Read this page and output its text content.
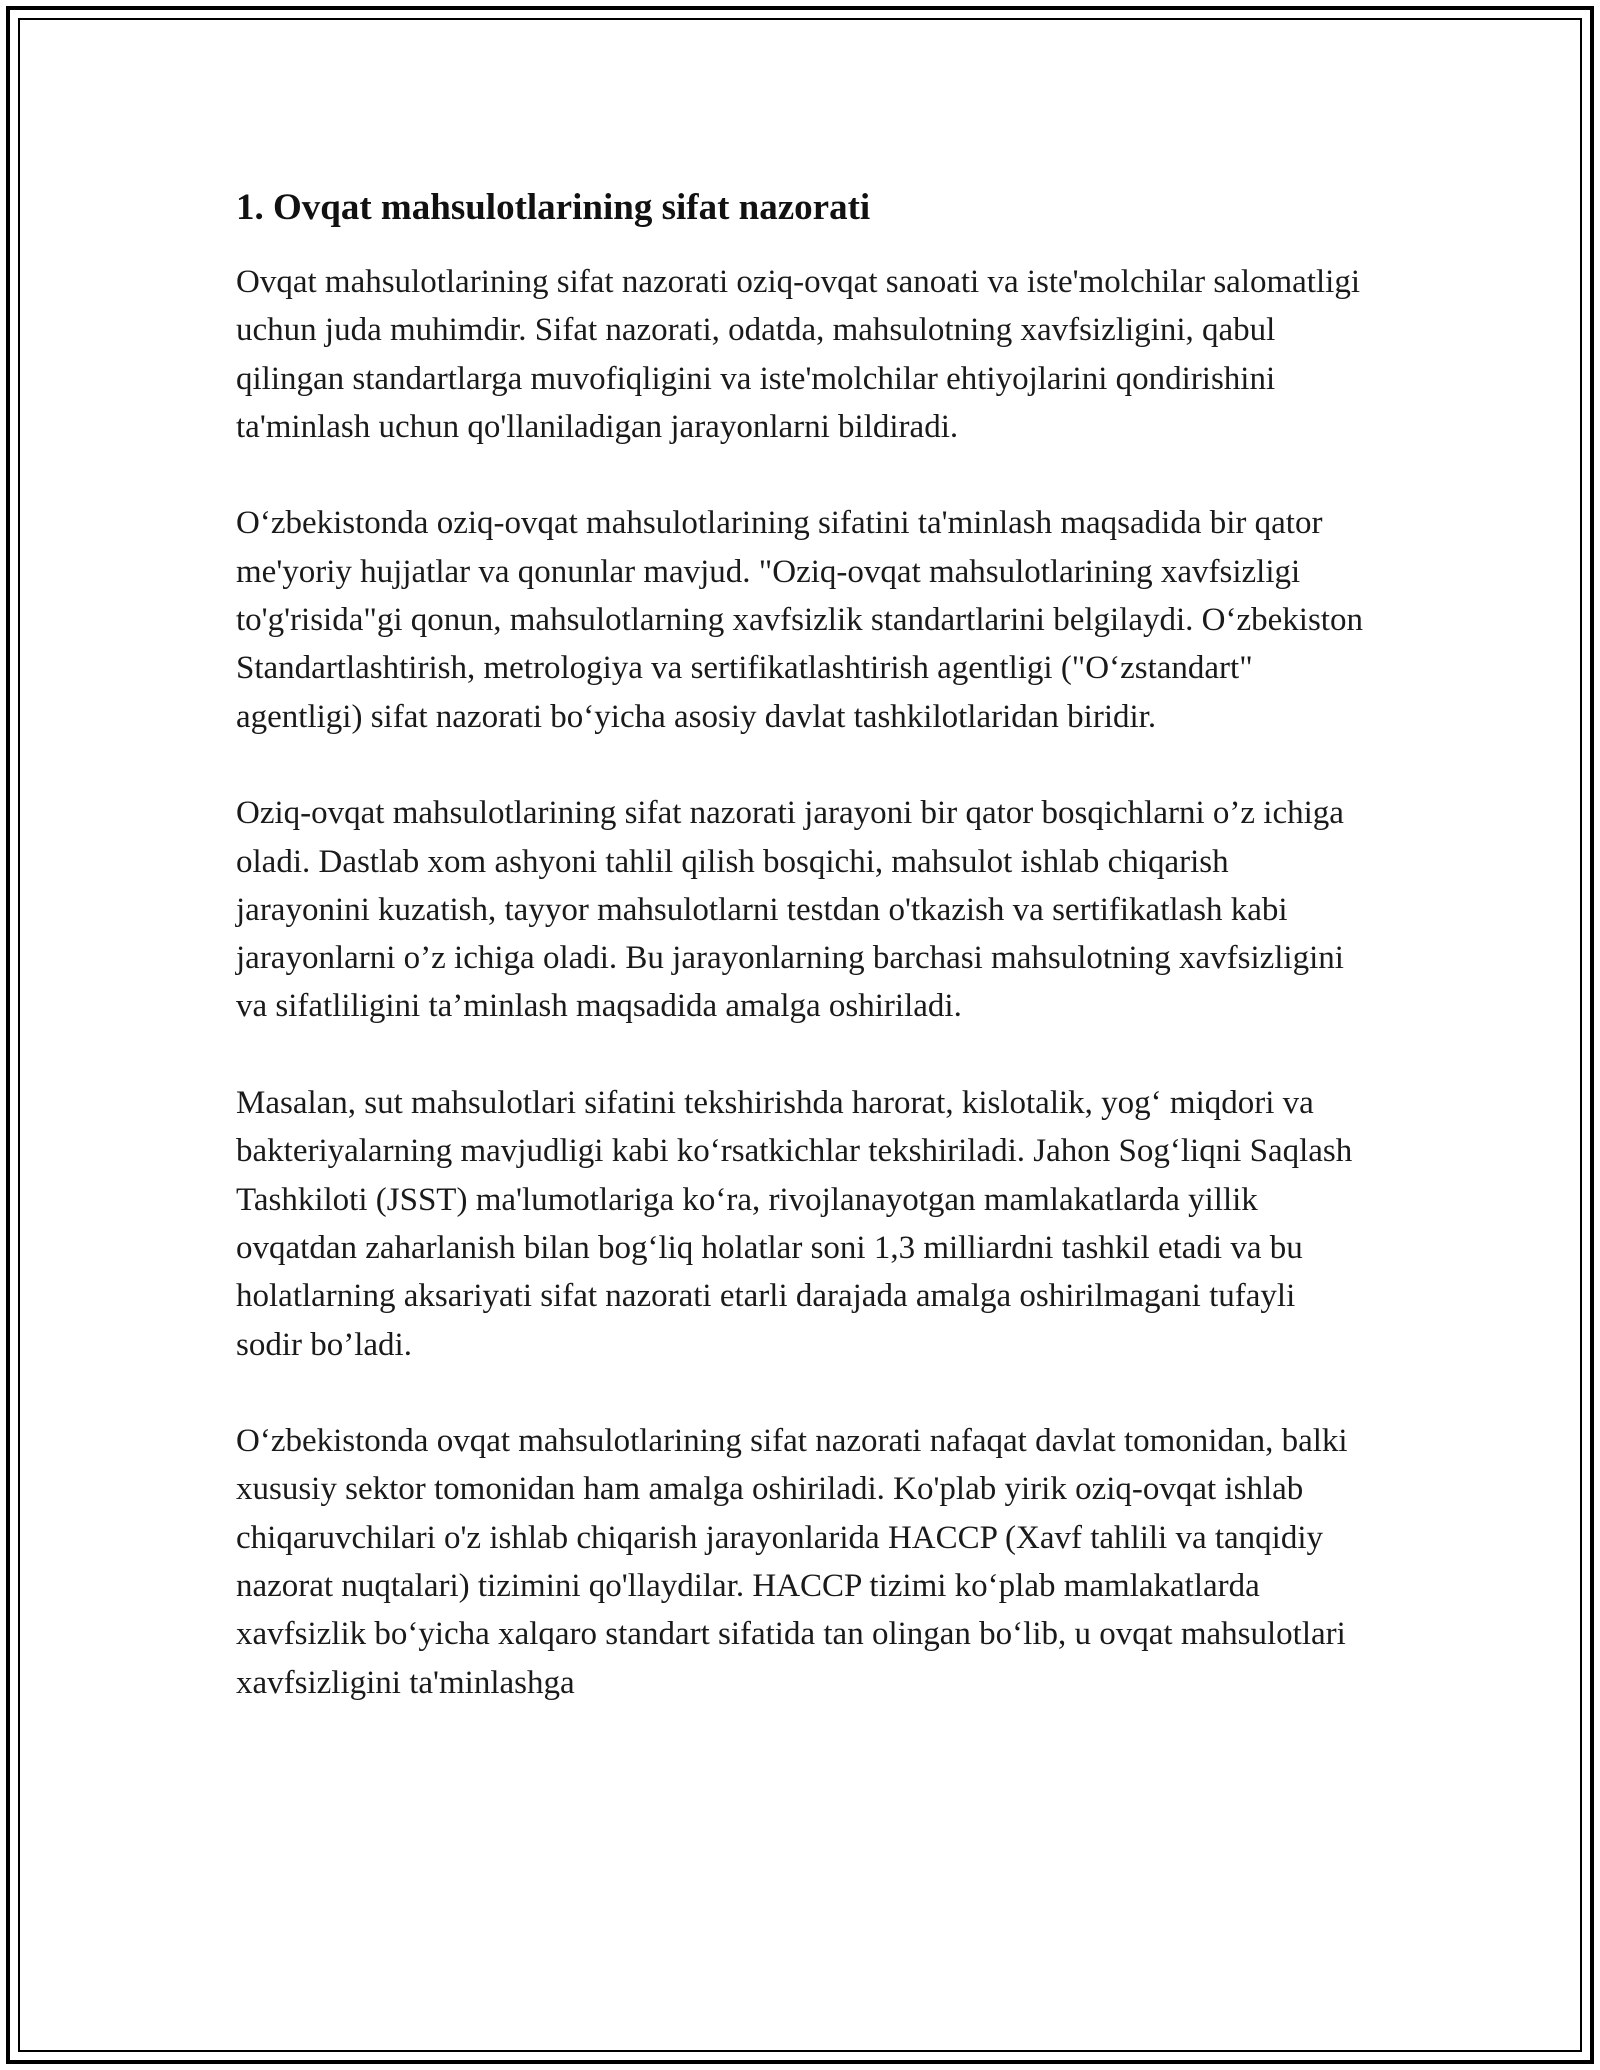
1. Ovqat mahsulotlarining sifat nazorati

Ovqat mahsulotlarining sifat nazorati oziq-ovqat sanoati va iste'molchilar salomatligi uchun juda muhimdir. Sifat nazorati, odatda, mahsulotning xavfsizligini, qabul qilingan standartlarga muvofiqligini va iste'molchilar ehtiyojlarini qondirishini ta'minlash uchun qo'llaniladigan jarayonlarni bildiradi.

O‘zbekistonda oziq-ovqat mahsulotlarining sifatini ta'minlash maqsadida bir qator me'yoriy hujjatlar va qonunlar mavjud. "Oziq-ovqat mahsulotlarining xavfsizligi to'g'risida"gi qonun, mahsulotlarning xavfsizlik standartlarini belgilaydi. O‘zbekiston Standartlashtirish, metrologiya va sertifikatlashtirish agentligi ("O‘zstandart" agentligi) sifat nazorati bo‘yicha asosiy davlat tashkilotlaridan biridir.

Oziq-ovqat mahsulotlarining sifat nazorati jarayoni bir qator bosqichlarni o’z ichiga oladi. Dastlab xom ashyoni tahlil qilish bosqichi, mahsulot ishlab chiqarish jarayonini kuzatish, tayyor mahsulotlarni testdan o'tkazish va sertifikatlash kabi jarayonlarni o’z ichiga oladi. Bu jarayonlarning barchasi mahsulotning xavfsizligini va sifatliligini ta’minlash maqsadida amalga oshiriladi.

Masalan, sut mahsulotlari sifatini tekshirishda harorat, kislotalik, yog‘ miqdori va bakteriyalarning mavjudligi kabi ko‘rsatkichlar tekshiriladi. Jahon Sog‘liqni Saqlash Tashkiloti (JSST) ma'lumotlariga ko‘ra, rivojlanayotgan mamlakatlarda yillik ovqatdan zaharlanish bilan bog‘liq holatlar soni 1,3 milliardni tashkil etadi va bu holatlarning aksariyati sifat nazorati etarli darajada amalga oshirilmagani tufayli sodir bo’ladi.

O‘zbekistonda ovqat mahsulotlarining sifat nazorati nafaqat davlat tomonidan, balki xususiy sektor tomonidan ham amalga oshiriladi. Ko'plab yirik oziq-ovqat ishlab chiqaruvchilari o'z ishlab chiqarish jarayonlarida HACCP (Xavf tahlili va tanqidiy nazorat nuqtalari) tizimini qo'llaydilar. HACCP tizimi ko‘plab mamlakatlarda xavfsizlik bo‘yicha xalqaro standart sifatida tan olingan bo‘lib, u ovqat mahsulotlari xavfsizligini ta'minlashga
